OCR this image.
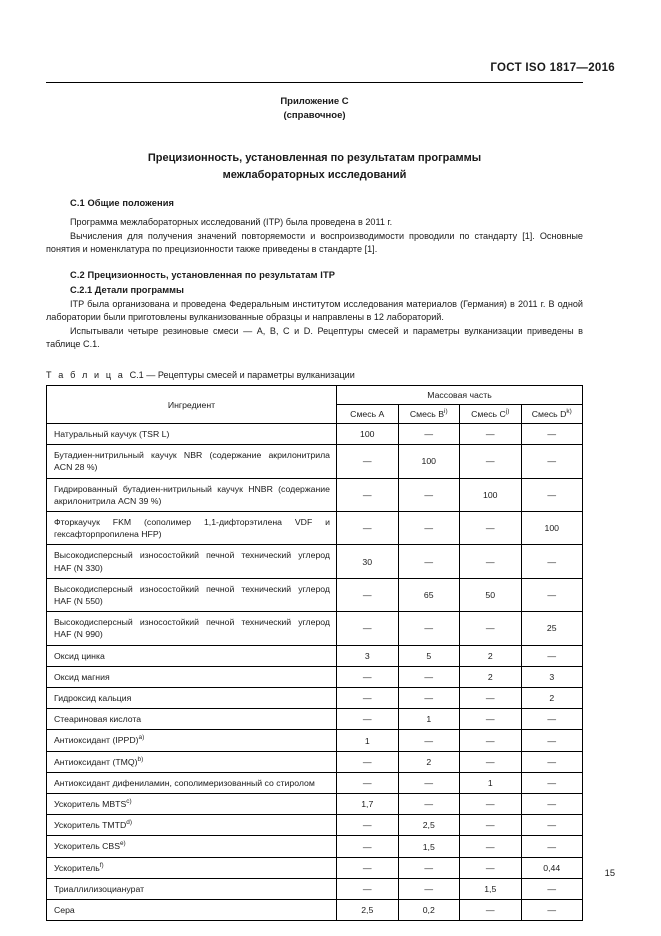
ГОСТ ISO 1817—2016
Приложение С
(справочное)
Прецизионность, установленная по результатам программы
межлабораторных исследований
С.1 Общие положения

Программа межлабораторных исследований (ITP) была проведена в 2011 г.

Вычисления для получения значений повторяемости и воспроизводимости проводили по стандарту [1]. Основные понятия и номенклатура по прецизионности также приведены в стандарте [1].

С.2 Прецизионность, установленная по результатам ITP
С.2.1 Детали программы

ITP была организована и проведена Федеральным институтом исследования материалов (Германия) в 2011 г. В одной лаборатории были приготовлены вулканизованные образцы и направлены в 12 лабораторий.

Испытывали четыре резиновые смеси — А, В, С и D. Рецептуры смесей и параметры вулканизации приведены в таблице С.1.

Т а б л и ц а С.1 — Рецептуры смесей и параметры вулканизации
Ингредиент	Массовая часть			
	Смесь A	Смесь $B^{i)}$	Смесь $C^{j)}$	Смесь $D^{k)}$
Натуральный каучук (TSR L)	100	—	—	—
Бутадиен-нитрильный каучук NBR (содержание акрилонитрила ACN 28 %)	—	100	—	—
Гидрированный бутадиен-нитрильный каучук HNBR (содержание акрилонитрила ACN 39 %)	—	—	100	—
Фторкаучук FKM (сополимер 1,1-дифторэтилена VDF и гексафторпропилена HFP)	—	—	—	100
Высокодисперсный износостойкий печной технический углерод HAF (N 330)	30	—	—	—
Высокодисперсный износостойкий печной технический углерод HAF (N 550)	—	65	50	—
Высокодисперсный износостойкий печной технический углерод HAF (N 990)	—	—	—	25
Оксид цинка	3	5	2	—
Оксид магния	—	—	2	3
Гидроксид кальция	—	—	—	2
Стеариновая кислота	—	1	—	—
Антиоксидант (IPPD)$^{a)}$	1	—	—	—
Антиоксидант (TMQ)$^{b)}$	—	2	—	—
Антиоксидант дифениламин, сополимеризованный со стиролом	—	—	1	—
Ускоритель MBTS$^{c)}$	1,7	—	—	—
Ускоритель TMTD$^{d)}$	—	2,5	—	—
Ускоритель CBS$^{e)}$	—	1,5	—	—
Ускоритель$^{f)}$	—	—	—	0,44
Триаллилизоцианурат	—	—	1,5	—
Сера	2,5	0,2	—	—
15
